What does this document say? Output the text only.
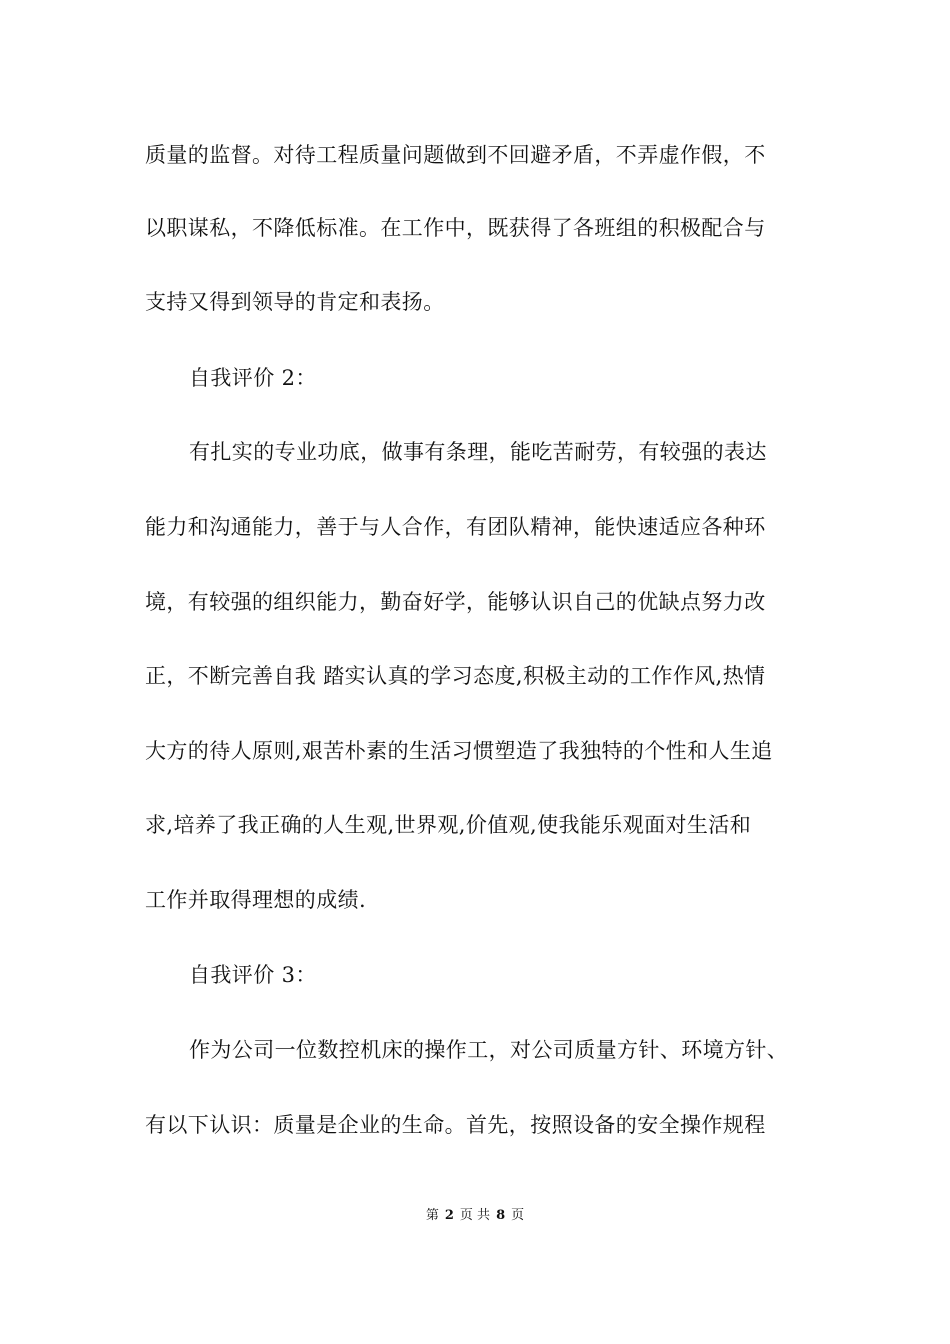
质量的监督。对待工程质量问题做到不回避矛盾，不弄虚作假，不
以职谋私，不降低标准。在工作中，既获得了各班组的积极配合与
支持又得到领导的肯定和表扬。
自我评价 2：
有扎实的专业功底，做事有条理，能吃苦耐劳，有较强的表达
能力和沟通能力，善于与人合作，有团队精神，能快速适应各种环
境，有较强的组织能力，勤奋好学，能够认识自己的优缺点努力改
正，不断完善自我 踏实认真的学习态度,积极主动的工作作风,热情
大方的待人原则,艰苦朴素的生活习惯塑造了我独特的个性和人生追
求,培养了我正确的人生观,世界观,价值观,使我能乐观面对生活和
工作并取得理想的成绩.
自我评价 3：
作为公司一位数控机床的操作工，对公司质量方针、环境方针、
有以下认识：质量是企业的生命。首先，按照设备的安全操作规程
第 2 页 共 8 页
